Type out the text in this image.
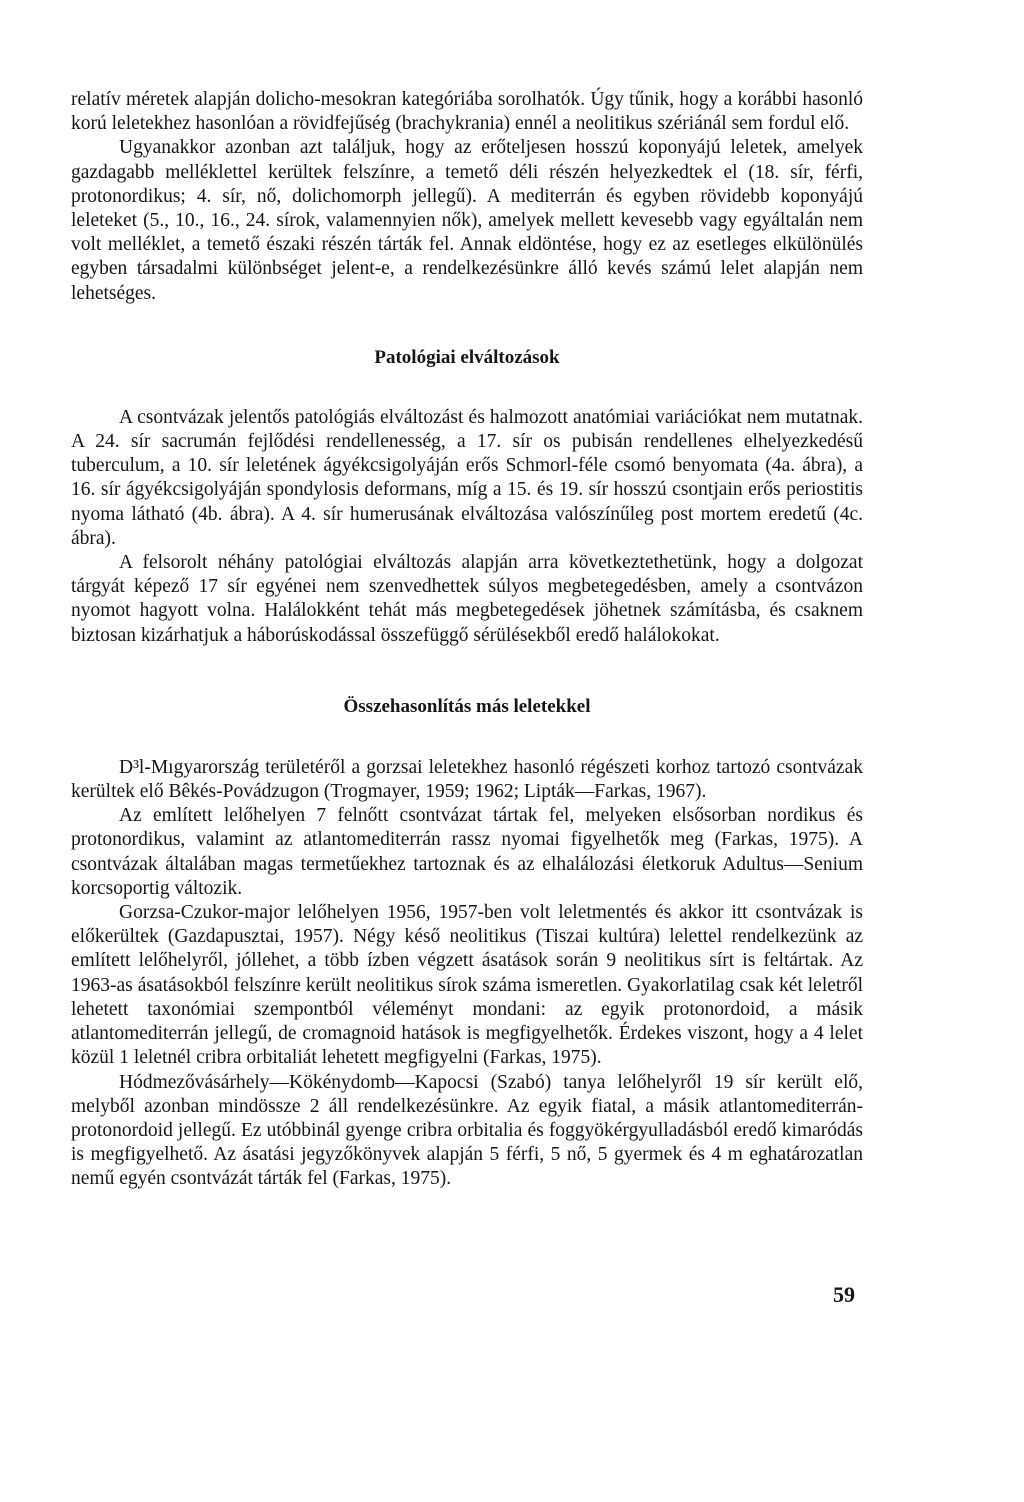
relatív méretek alapján dolicho-mesokran kategóriába sorolhatók. Úgy tűnik, hogy a korábbi hasonló korú leletekhez hasonlóan a rövidfejűség (brachykrania) ennél a neolitikus szériánál sem fordul elő.

Ugyanakkor azonban azt találjuk, hogy az erőteljesen hosszú koponyájú leletek, amelyek gazdagabb melléklettel kerültek felszínre, a temető déli részén helyezkedtek el (18. sír, férfi, protonordikus; 4. sír, nő, dolichomorph jellegű). A mediterrán és egyben rövidebb koponyájú leleteket (5., 10., 16., 24. sírok, valamennyien nők), amelyek mellett kevesebb vagy egyáltalán nem volt melléklet, a temető északi részén tárták fel. Annak eldöntése, hogy ez az esetleges elkülönülés egyben társadalmi különbséget jelent-e, a rendelkezésünkre álló kevés számú lelet alapján nem lehetséges.

Patológiai elváltozások

A csontvázak jelentős patológiás elváltozást és halmozott anatómiai variációkat nem mutatnak. A 24. sír sacrumán fejlődési rendellenesség, a 17. sír os pubisán rendellenes elhelyezkedésű tuberculum, a 10. sír leletének ágyékcsigolyáján erős Schmorl-féle csomó benyomata (4a. ábra), a 16. sír ágyékcsigolyáján spondylosis deformans, míg a 15. és 19. sír hosszú csontjain erős periostitis nyoma látható (4b. ábra). A 4. sír humerusának elváltozása valószínűleg post mortem eredetű (4c. ábra).

A felsorolt néhány patológiai elváltozás alapján arra következtethetünk, hogy a dolgozat tárgyát képező 17 sír egyénei nem szenvedhettek súlyos megbetegedésben, amely a csontvázon nyomot hagyott volna. Halálokként tehát más megbetegedések jöhetnek számításba, és csaknem biztosan kizárhatjuk a háborúskodással összefüggő sérülésekből eredő halálokokat.

Összehasonlítás más leletekkel

D³l-Mıgyarország területéről a gorzsai leletekhez hasonló régészeti korhoz tartozó csontvázak kerültek elő Bêkés-Povádzugon (Trogmayer, 1959; 1962; Lipták—Farkas, 1967).

Az említett lelőhelyen 7 felnőtt csontvázat tártak fel, melyeken elsősorban nordikus és protonordikus, valamint az atlantomediterrán rassz nyomai figyelhetők meg (Farkas, 1975). A csontvázak általában magas termetűekhez tartoznak és az elhalálozási életkoruk Adultus—Senium korcsoportig változik.

Gorzsa-Czukor-major lelőhelyen 1956, 1957-ben volt leletmentés és akkor itt csontvázak is előkerültek (Gazdapusztai, 1957). Négy késő neolitikus (Tiszai kultúra) lelettel rendelkezünk az említett lelőhelyről, jóllehet, a több ízben végzett ásatások során 9 neolitikus sírt is feltártak. Az 1963-as ásatásokból felszínre került neolitikus sírok száma ismeretlen. Gyakorlatilag csak két leletről lehetett taxonómiai szempontból véleményt mondani: az egyik protonordoid, a másik atlantomediterrán jellegű, de cromagnoid hatások is megfigyelhetők. Érdekes viszont, hogy a 4 lelet közül 1 leletnél cribra orbitaliát lehetett megfigyelni (Farkas, 1975).

Hódmezővásárhely—Kökénydomb—Kapocsi (Szabó) tanya lelőhelyről 19 sír került elő, melyből azonban mindössze 2 áll rendelkezésünkre. Az egyik fiatal, a másik atlantomediterrán-protonordoid jellegű. Ez utóbbinál gyenge cribra orbitalia és foggyökérgyulladásból eredő kimaródás is megfigyelhető. Az ásatási jegyzőkönyvek alapján 5 férfi, 5 nő, 5 gyermek és 4 m eghatározatlan nemű egyén csontvázát tárták fel (Farkas, 1975).

59
